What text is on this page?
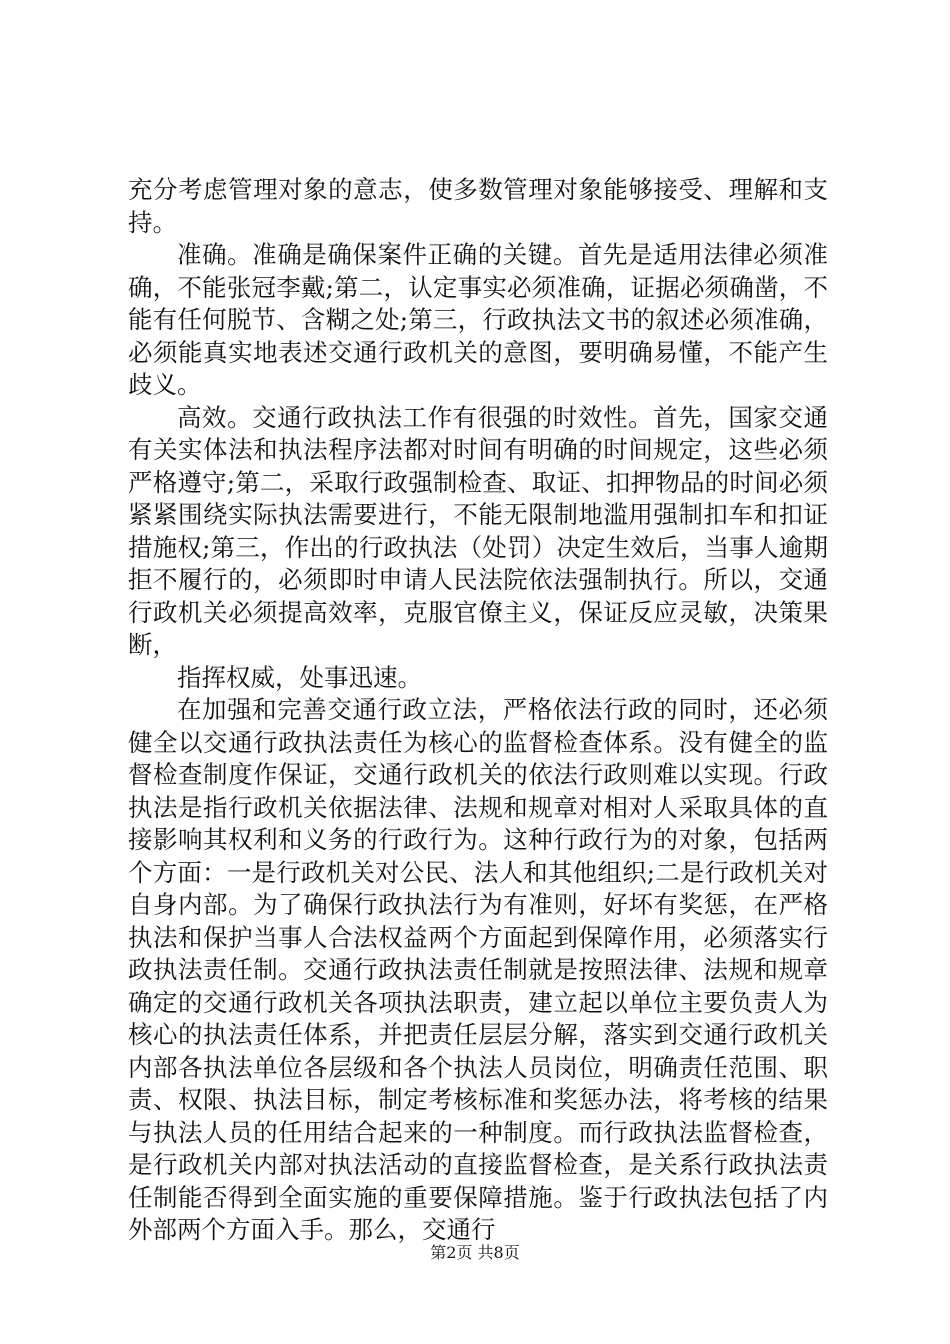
充分考虑管理对象的意志，使多数管理对象能够接受、理解和支持。

准确。准确是确保案件正确的关键。首先是适用法律必须准确，不能张冠李戴;第二，认定事实必须准确，证据必须确凿，不能有任何脱节、含糊之处;第三，行政执法文书的叙述必须准确，必须能真实地表述交通行政机关的意图，要明确易懂，不能产生歧义。

高效。交通行政执法工作有很强的时效性。首先，国家交通有关实体法和执法程序法都对时间有明确的时间规定，这些必须严格遵守;第二，采取行政强制检查、取证、扣押物品的时间必须紧紧围绕实际执法需要进行，不能无限制地滥用强制扣车和扣证措施权;第三，作出的行政执法（处罚）决定生效后，当事人逾期拒不履行的，必须即时申请人民法院依法强制执行。所以，交通行政机关必须提高效率，克服官僚主义，保证反应灵敏，决策果断，

指挥权威，处事迅速。

在加强和完善交通行政立法，严格依法行政的同时，还必须健全以交通行政执法责任为核心的监督检查体系。没有健全的监督检查制度作保证，交通行政机关的依法行政则难以实现。行政执法是指行政机关依据法律、法规和规章对相对人采取具体的直接影响其权利和义务的行政行为。这种行政行为的对象，包括两个方面：一是行政机关对公民、法人和其他组织;二是行政机关对自身内部。为了确保行政执法行为有准则，好坏有奖惩，在严格执法和保护当事人合法权益两个方面起到保障作用，必须落实行政执法责任制。交通行政执法责任制就是按照法律、法规和规章确定的交通行政机关各项执法职责，建立起以单位主要负责人为核心的执法责任体系，并把责任层层分解，落实到交通行政机关内部各执法单位各层级和各个执法人员岗位，明确责任范围、职责、权限、执法目标，制定考核标准和奖惩办法，将考核的结果与执法人员的任用结合起来的一种制度。而行政执法监督检查，是行政机关内部对执法活动的直接监督检查，是关系行政执法责任制能否得到全面实施的重要保障措施。鉴于行政执法包括了内外部两个方面入手。那么，交通行

第2页 共8页
